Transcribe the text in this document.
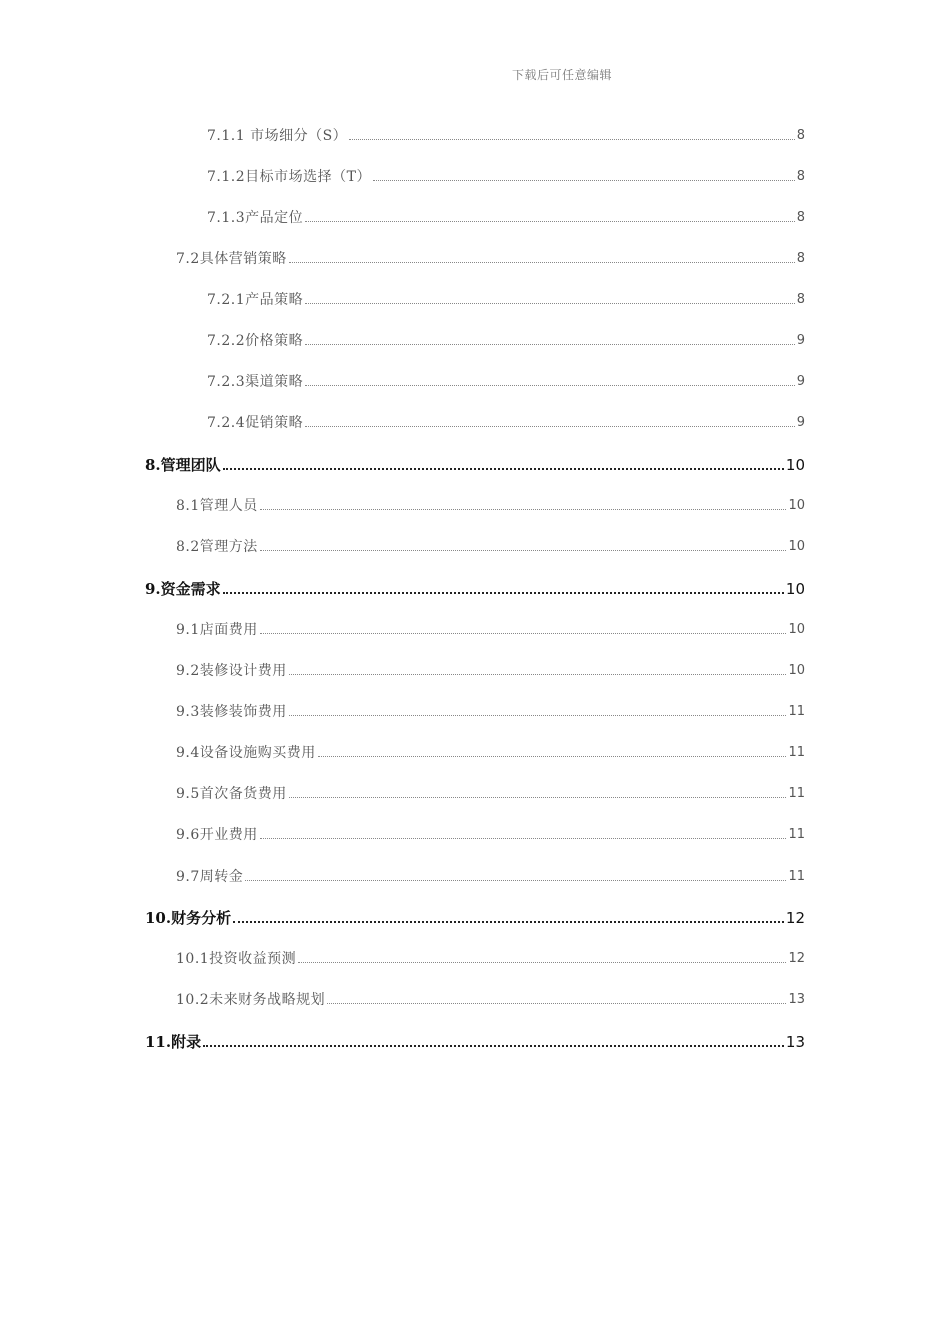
下载后可任意编辑
7.1.1 市场细分（S）	8
7.1.2目标市场选择（T）	8
7.1.3产品定位	8
7.2具体营销策略	8
7.2.1产品策略	8
7.2.2价格策略	9
7.2.3渠道策略	9
7.2.4促销策略	9
8.管理团队	10
8.1管理人员	10
8.2管理方法	10
9.资金需求	10
9.1店面费用	10
9.2装修设计费用	10
9.3装修装饰费用	11
9.4设备设施购买费用	11
9.5首次备货费用	11
9.6开业费用	11
9.7周转金	11
10.财务分析	12
10.1投资收益预测	12
10.2未来财务战略规划	13
11.附录	13
